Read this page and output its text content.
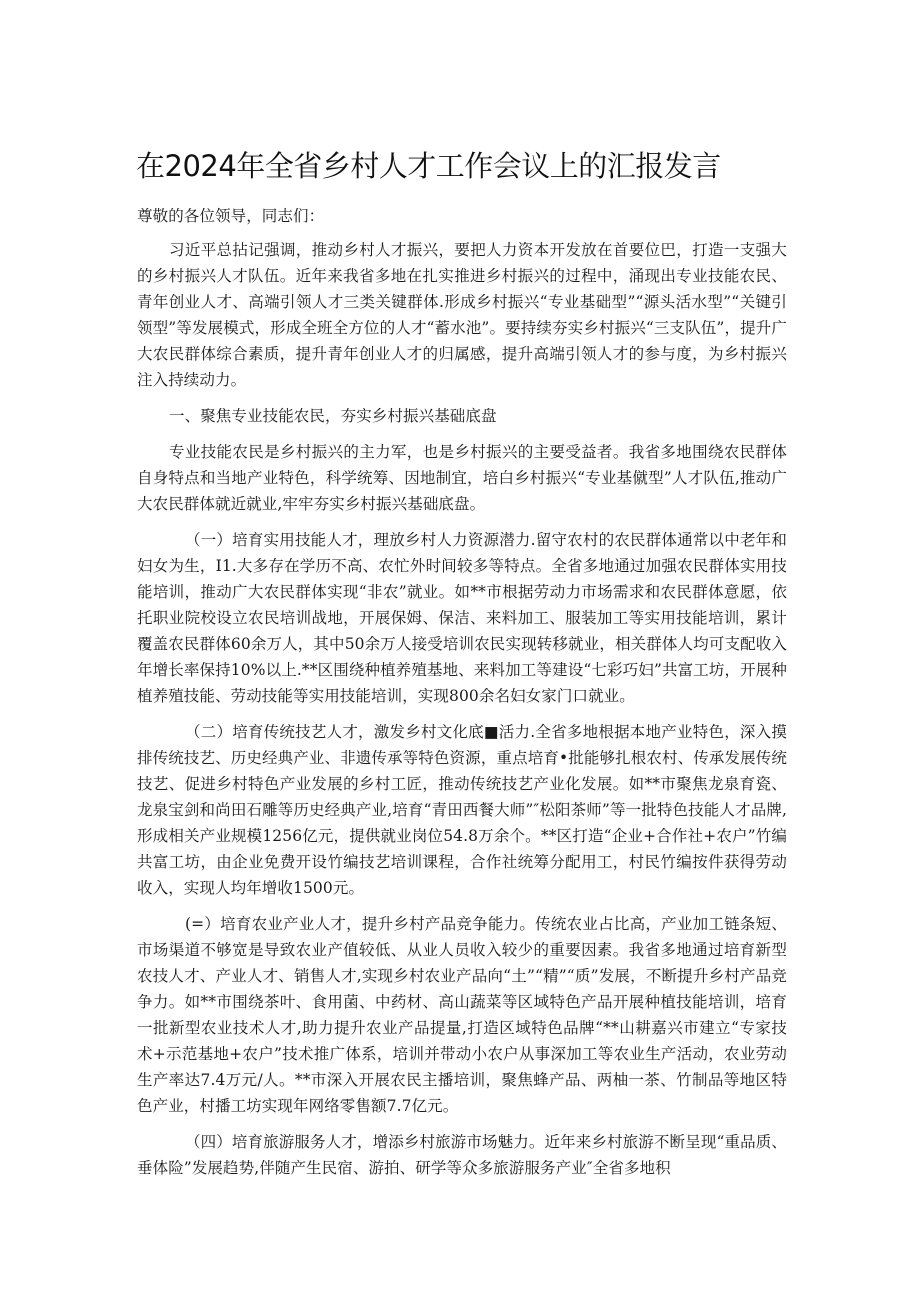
在2024年全省乡村人才工作会议上的汇报发言

尊敬的各位领导，同志们：

习近平总拈记强调，推动乡村人才振兴，要把人力资本开发放在首要位巴，打造一支强大的乡村振兴人才队伍。近年来我省多地在扎实推进乡村振兴的过程中，涌现出专业技能农民、青年创业人才、高端引领人才三类关键群体.形成乡村振兴“专业基础型”“源头活水型”“关键引领型”等发展模式，形成全班全方位的人才“蓄水池”。要持续夯实乡村振兴“三支队伍”，提升广大农民群体综合素质，提升青年创业人才的归属感，提升高端引领人才的参与度，为乡村振兴注入持续动力。

一、聚焦专业技能农民，夯实乡村振兴基础底盘

专业技能农民是乡村振兴的主力军，也是乡村振兴的主要受益者。我省多地围绕农民群体自身特点和当地产业特色，科学统筹、因地制宜，培白乡村振兴“专业基僦型”人才队伍,推动广大农民群体就近就业,牢牢夯实乡村振兴基础底盘。

（一）培育实用技能人才，理放乡村人力资源潜力.留守农村的农民群体通常以中老年和妇女为生，I1.大多存在学历不高、农忙外时间较多等特点。全省多地通过加强农民群体实用技能培训，推动广大农民群体实现“非农”就业。如**市根据劳动力市场需求和农民群体意愿，依托职业院校设立农民培训战地，开展保姆、保洁、来料加工、服装加工等实用技能培训，累计覆盖农民群体60余万人，其中50余万人接受培训农民实现转移就业，相关群体人均可支配收入年增长率保持10%以上.**区围绕种植养殖基地、来料加工等建设“七彩巧妇”共富工坊，开展种植养殖技能、劳动技能等实用技能培训，实现800余名妇女家门口就业。

（二）培育传统技艺人才，激发乡村文化底■活力.全省多地根据本地产业特色，深入摸排传统技艺、历史经典产业、非遗传承等特色资源，重点培育•批能够扎根农村、传承发展传统技艺、促进乡村特色产业发展的乡村工匠，推动传统技艺产业化发展。如**市聚焦龙泉育瓷、龙泉宝剑和尚田石雕等历史经典产业,培育“青田西餐大师”″松阳茶师”等一批特色技能人才品牌,形成相关产业规模1256亿元，提供就业岗位54.8万余个。**区打造“企业+合作社+农户”竹编共富工坊，由企业免费开设竹编技艺培训课程，合作社统筹分配用工，村民竹编按件获得劳动收入，实现人均年增收1500元。

(=）培育农业产业人才，提升乡村产品竞争能力。传统农业占比高，产业加工链条短、市场渠道不够宽是导致农业产值较低、从业人员收入较少的重要因素。我省多地通过培育新型农技人才、产业人才、销售人才,实现乡村农业产品向“土”“精”“质”发展，不断提升乡村产品竞争力。如**市围绕茶叶、食用菌、中药材、高山蔬菜等区域特色产品开展种植技能培训，培育一批新型农业技术人才,助力提升农业产品提量,打造区域特色品牌“**山耕嘉兴市建立“专家技术+示范基地+农户”技术推广体系，培训并带动小农户从事深加工等农业生产活动，农业劳动生产率达7.4万元/人。**市深入开展农民主播培训，聚焦蜂产品、两柚一茶、竹制品等地区特色产业，村播工坊实现年网络零售额7.7亿元。

（四）培育旅游服务人才，增添乡村旅游市场魅力。近年来乡村旅游不断呈现“重品质、垂体险”发展趋势,伴随产生民宿、游拍、研学等众多旅游服务产业″全省多地积
